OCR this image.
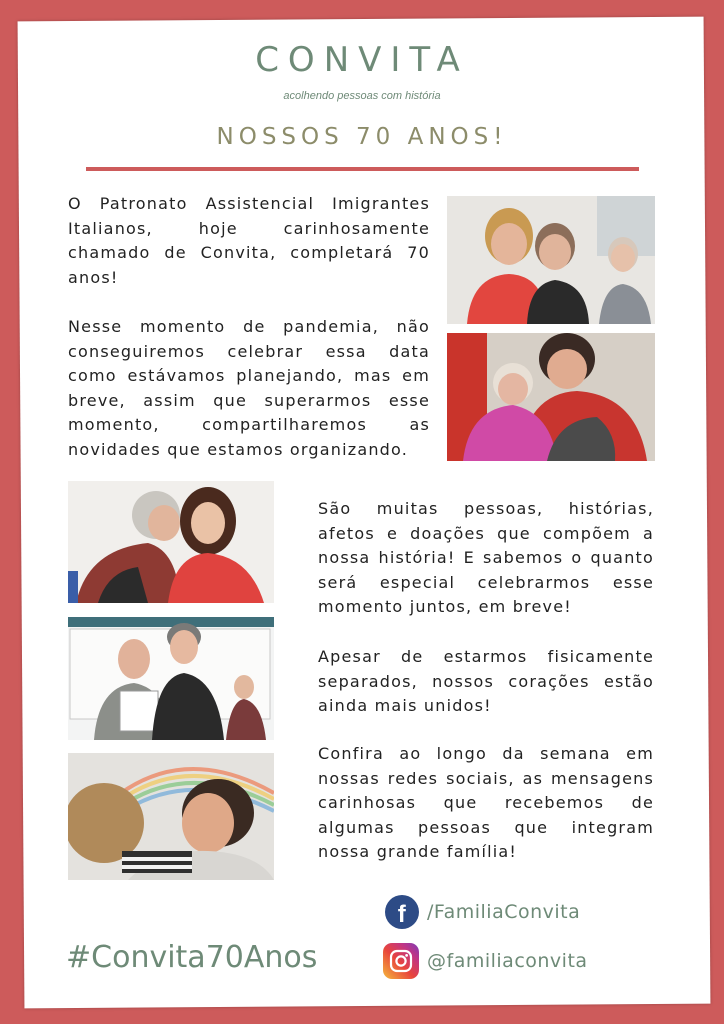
CONVITA
acolhendo pessoas com história
NOSSOS 70 ANOS!

O Patronato Assistencial Imigrantes Italianos, hoje carinhosamente chamado de Convita, completará 70 anos!

Nesse momento de pandemia, não conseguiremos celebrar essa data como estávamos planejando, mas em breve, assim que superarmos esse momento, compartilharemos as novidades que estamos organizando.

São muitas pessoas, histórias, afetos e doações que compõem a nossa história! E sabemos o quanto será especial celebrarmos esse momento juntos, em breve!

Apesar de estarmos fisicamente separados, nossos corações estão ainda mais unidos!

Confira ao longo da semana em nossas redes sociais, as mensagens carinhosas que recebemos de algumas pessoas que integram nossa grande família!

#Convita70Anos
f	/FamiliaConvita
@familiaconvita
